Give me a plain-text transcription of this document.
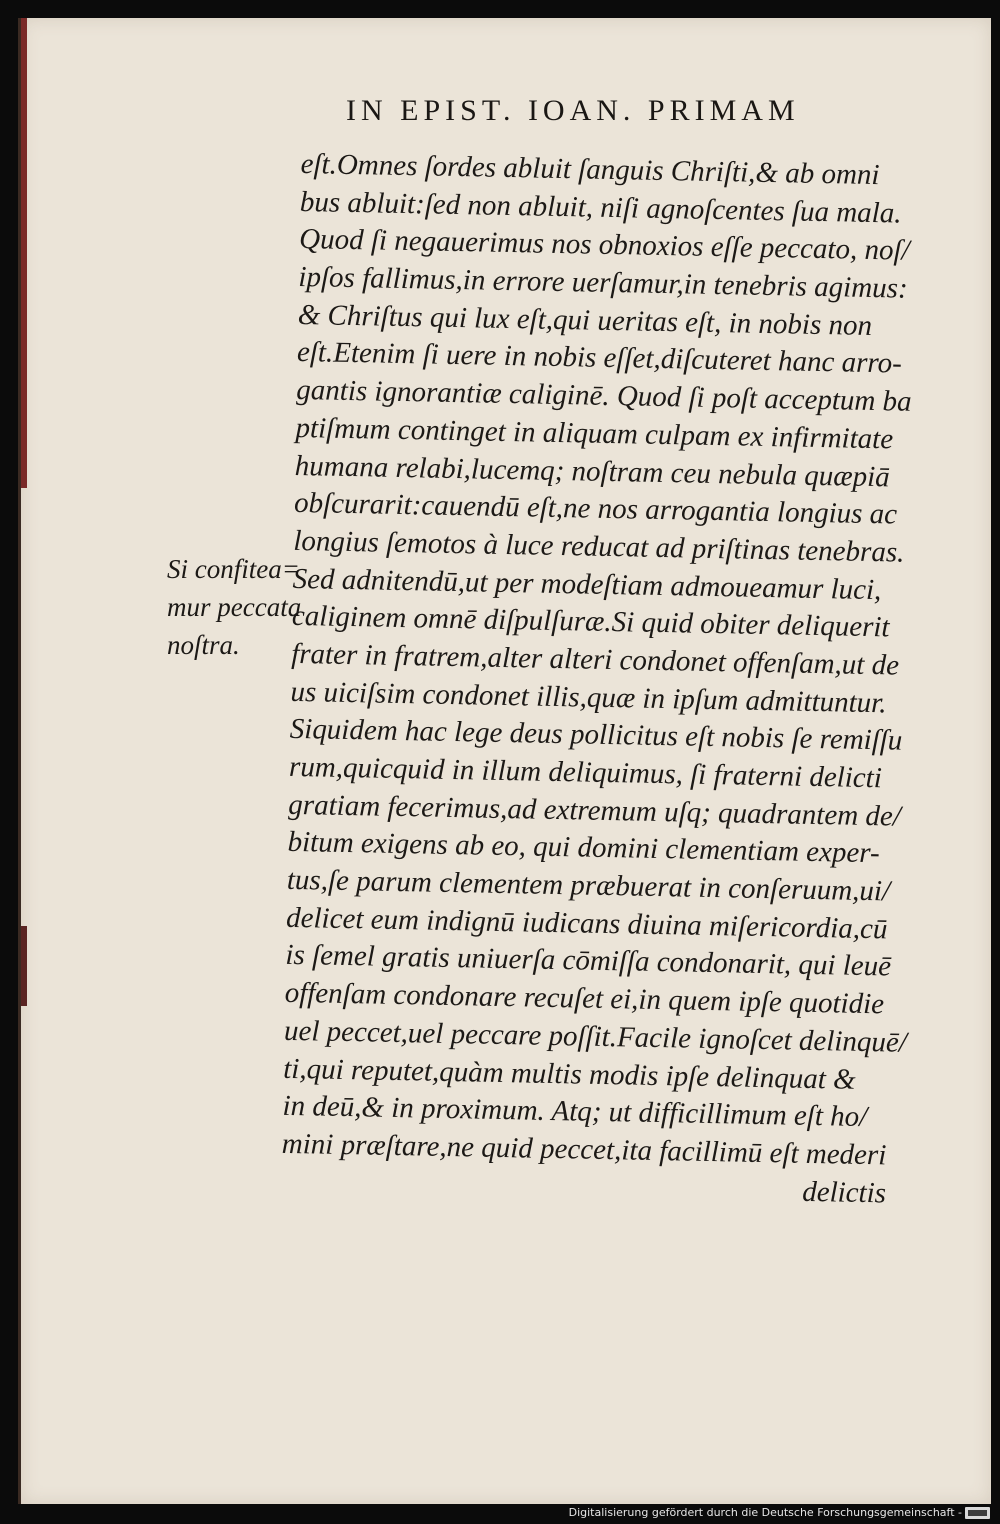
IN EPIST. IOAN. PRIMAM
Si confitea=
mur peccata
noſtra.
eſt.Omnes ſordes abluit ſanguis Chriſti,& ab omni
bus abluit:ſed non abluit, niſi agnoſcentes ſua mala.
Quod ſi negauerimus nos obnoxios eſſe peccato, noſ/
ipſos fallimus,in errore uerſamur,in tenebris agimus:
& Chriſtus qui lux eſt,qui ueritas eſt, in nobis non
eſt.Etenim ſi uere in nobis eſſet,diſcuteret hanc arro-
gantis ignorantiæ caliginē. Quod ſi poſt acceptum ba
ptiſmum continget in aliquam culpam ex infirmitate
humana relabi,lucemq; noſtram ceu nebula quæpiā
obſcurarit:cauendū eſt,ne nos arrogantia longius ac
longius ſemotos à luce reducat ad priſtinas tenebras.
Sed adnitendū,ut per modeſtiam admoueamur luci,
caliginem omnē diſpulſuræ.Si quid obiter deliquerit
frater in fratrem,alter alteri condonet offenſam,ut de
us uiciſsim condonet illis,quæ in ipſum admittuntur.
Siquidem hac lege deus pollicitus eſt nobis ſe remiſſu
rum,quicquid in illum deliquimus, ſi fraterni delicti
gratiam fecerimus,ad extremum uſq; quadrantem de/
bitum exigens ab eo, qui domini clementiam exper-
tus,ſe parum clementem præbuerat in conſeruum,ui/
delicet eum indignū iudicans diuina miſericordia,cū
is ſemel gratis uniuerſa cōmiſſa condonarit, qui leuē
offenſam condonare recuſet ei,in quem ipſe quotidie
uel peccet,uel peccare poſſit.Facile ignoſcet delinquē/
ti,qui reputet,quàm multis modis ipſe delinquat &
in deū,& in proximum. Atq; ut difficillimum eſt ho/
mini præſtare,ne quid peccet,ita facillimū eſt mederi
delictis
Digitalisierung gefördert durch die Deutsche Forschungsgemeinschaft -
